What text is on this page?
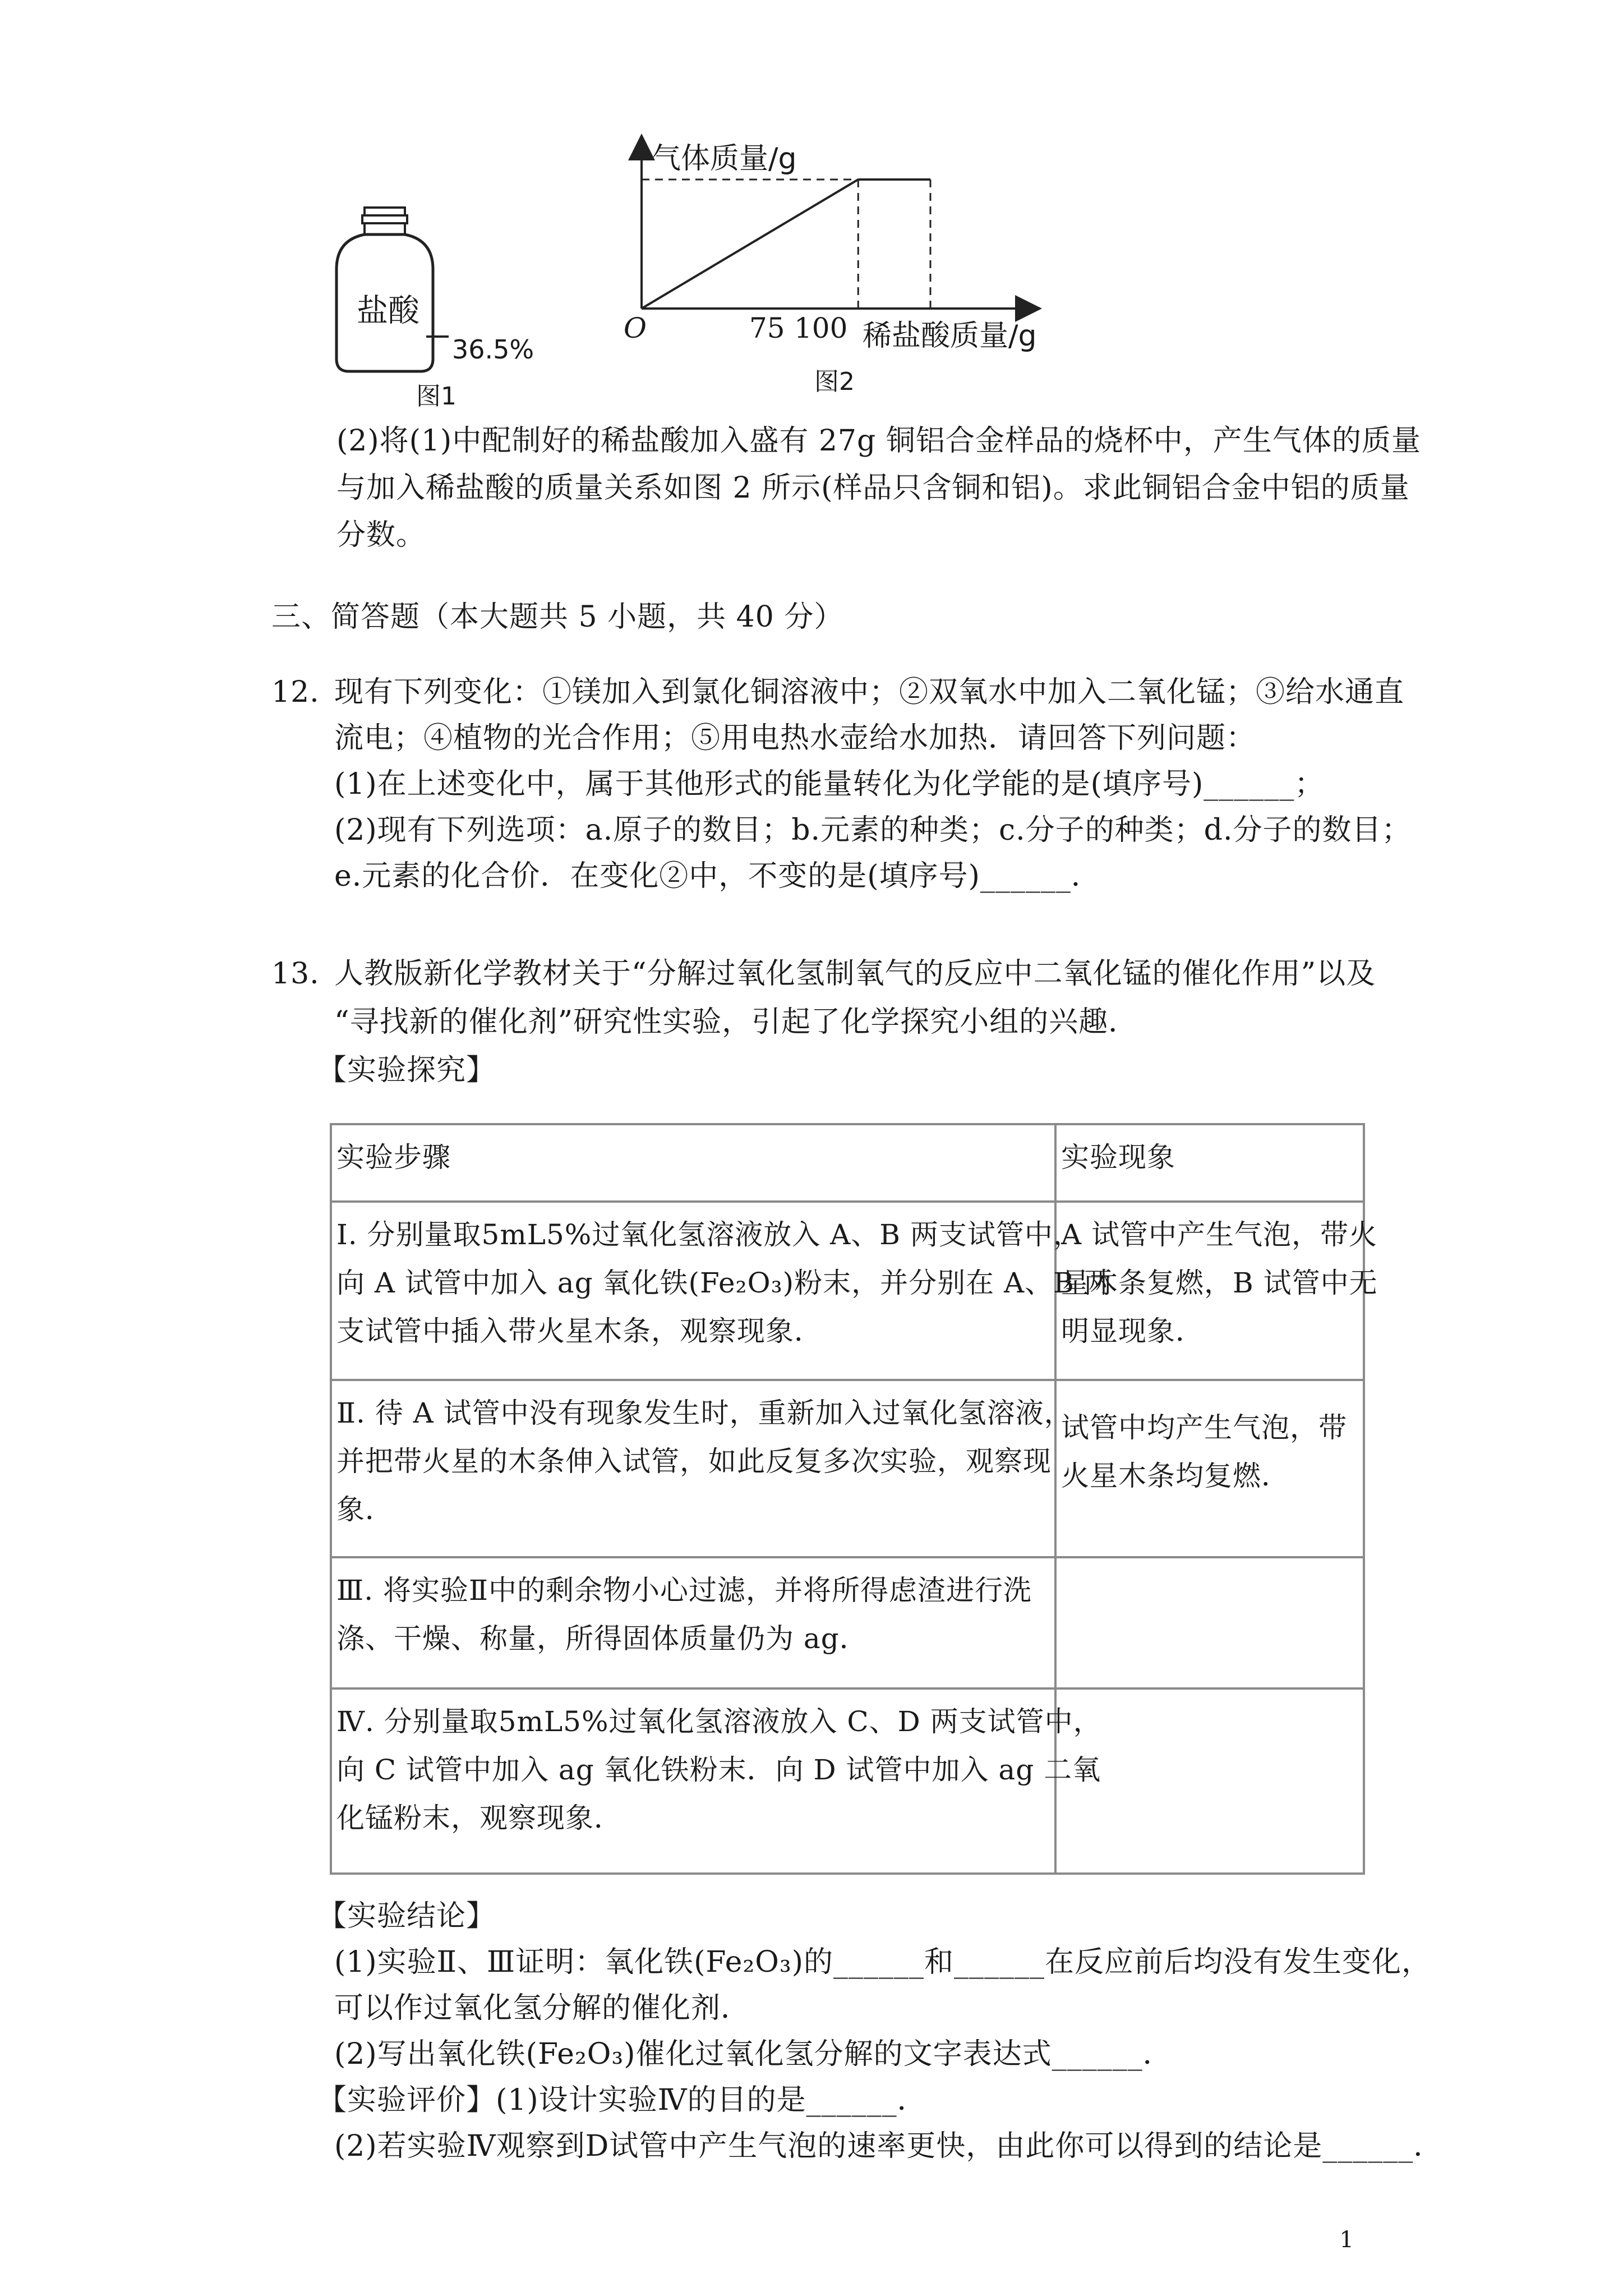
盐酸
36.5%
图1
气体质量/g
O	75 100 稀盐酸质量/g
图2
(2)将(1)中配制好的稀盐酸加入盛有 27g 铜铝合金样品的烧杯中，产生气体的质量
与加入稀盐酸的质量关系如图 2 所示(样品只含铜和铝)。求此铜铝合金中铝的质量
分数。
三、简答题（本大题共 5 小题，共 40 分）
12. 现有下列变化：①镁加入到氯化铜溶液中；②双氧水中加入二氧化锰；③给水通直
流电；④植物的光合作用；⑤用电热水壶给水加热．请回答下列问题：
(1)在上述变化中，属于其他形式的能量转化为化学能的是(填序号)______；
(2)现有下列选项：a.原子的数目；b.元素的种类；c.分子的种类；d.分子的数目；
e.元素的化合价．在变化②中，不变的是(填序号)______．
13. 人教版新化学教材关于“分解过氧化氢制氧气的反应中二氧化锰的催化作用”以及
“寻找新的催化剂”研究性实验，引起了化学探究小组的兴趣．
【实验探究】
实验步骤	实验现象

Ⅰ. 分别量取5mL5%过氧化氢溶液放入 A、B 两支试管中，
向 A 试管中加入 ag 氧化铁(Fe₂O₃)粉末，并分别在 A、B 两
支试管中插入带火星木条，观察现象．	A 试管中产生气泡，带火
星木条复燃，B 试管中无
明显现象．

Ⅱ. 待 A 试管中没有现象发生时，重新加入过氧化氢溶液，
并把带火星的木条伸入试管，如此反复多次实验，观察现
象．	试管中均产生气泡，带
火星木条均复燃．

Ⅲ. 将实验Ⅱ中的剩余物小心过滤，并将所得虑渣进行洗
涤、干燥、称量，所得固体质量仍为 ag．	

Ⅳ. 分别量取5mL5%过氧化氢溶液放入 C、D 两支试管中，
向 C 试管中加入 ag 氧化铁粉末．向 D 试管中加入 ag 二氧
化锰粉末，观察现象．	

【实验结论】
(1)实验Ⅱ、Ⅲ证明：氧化铁(Fe₂O₃)的______和______在反应前后均没有发生变化，
可以作过氧化氢分解的催化剂．
(2)写出氧化铁(Fe₂O₃)催化过氧化氢分解的文字表达式______．
【实验评价】(1)设计实验Ⅳ的目的是______．
(2)若实验Ⅳ观察到D试管中产生气泡的速率更快，由此你可以得到的结论是______．
1
